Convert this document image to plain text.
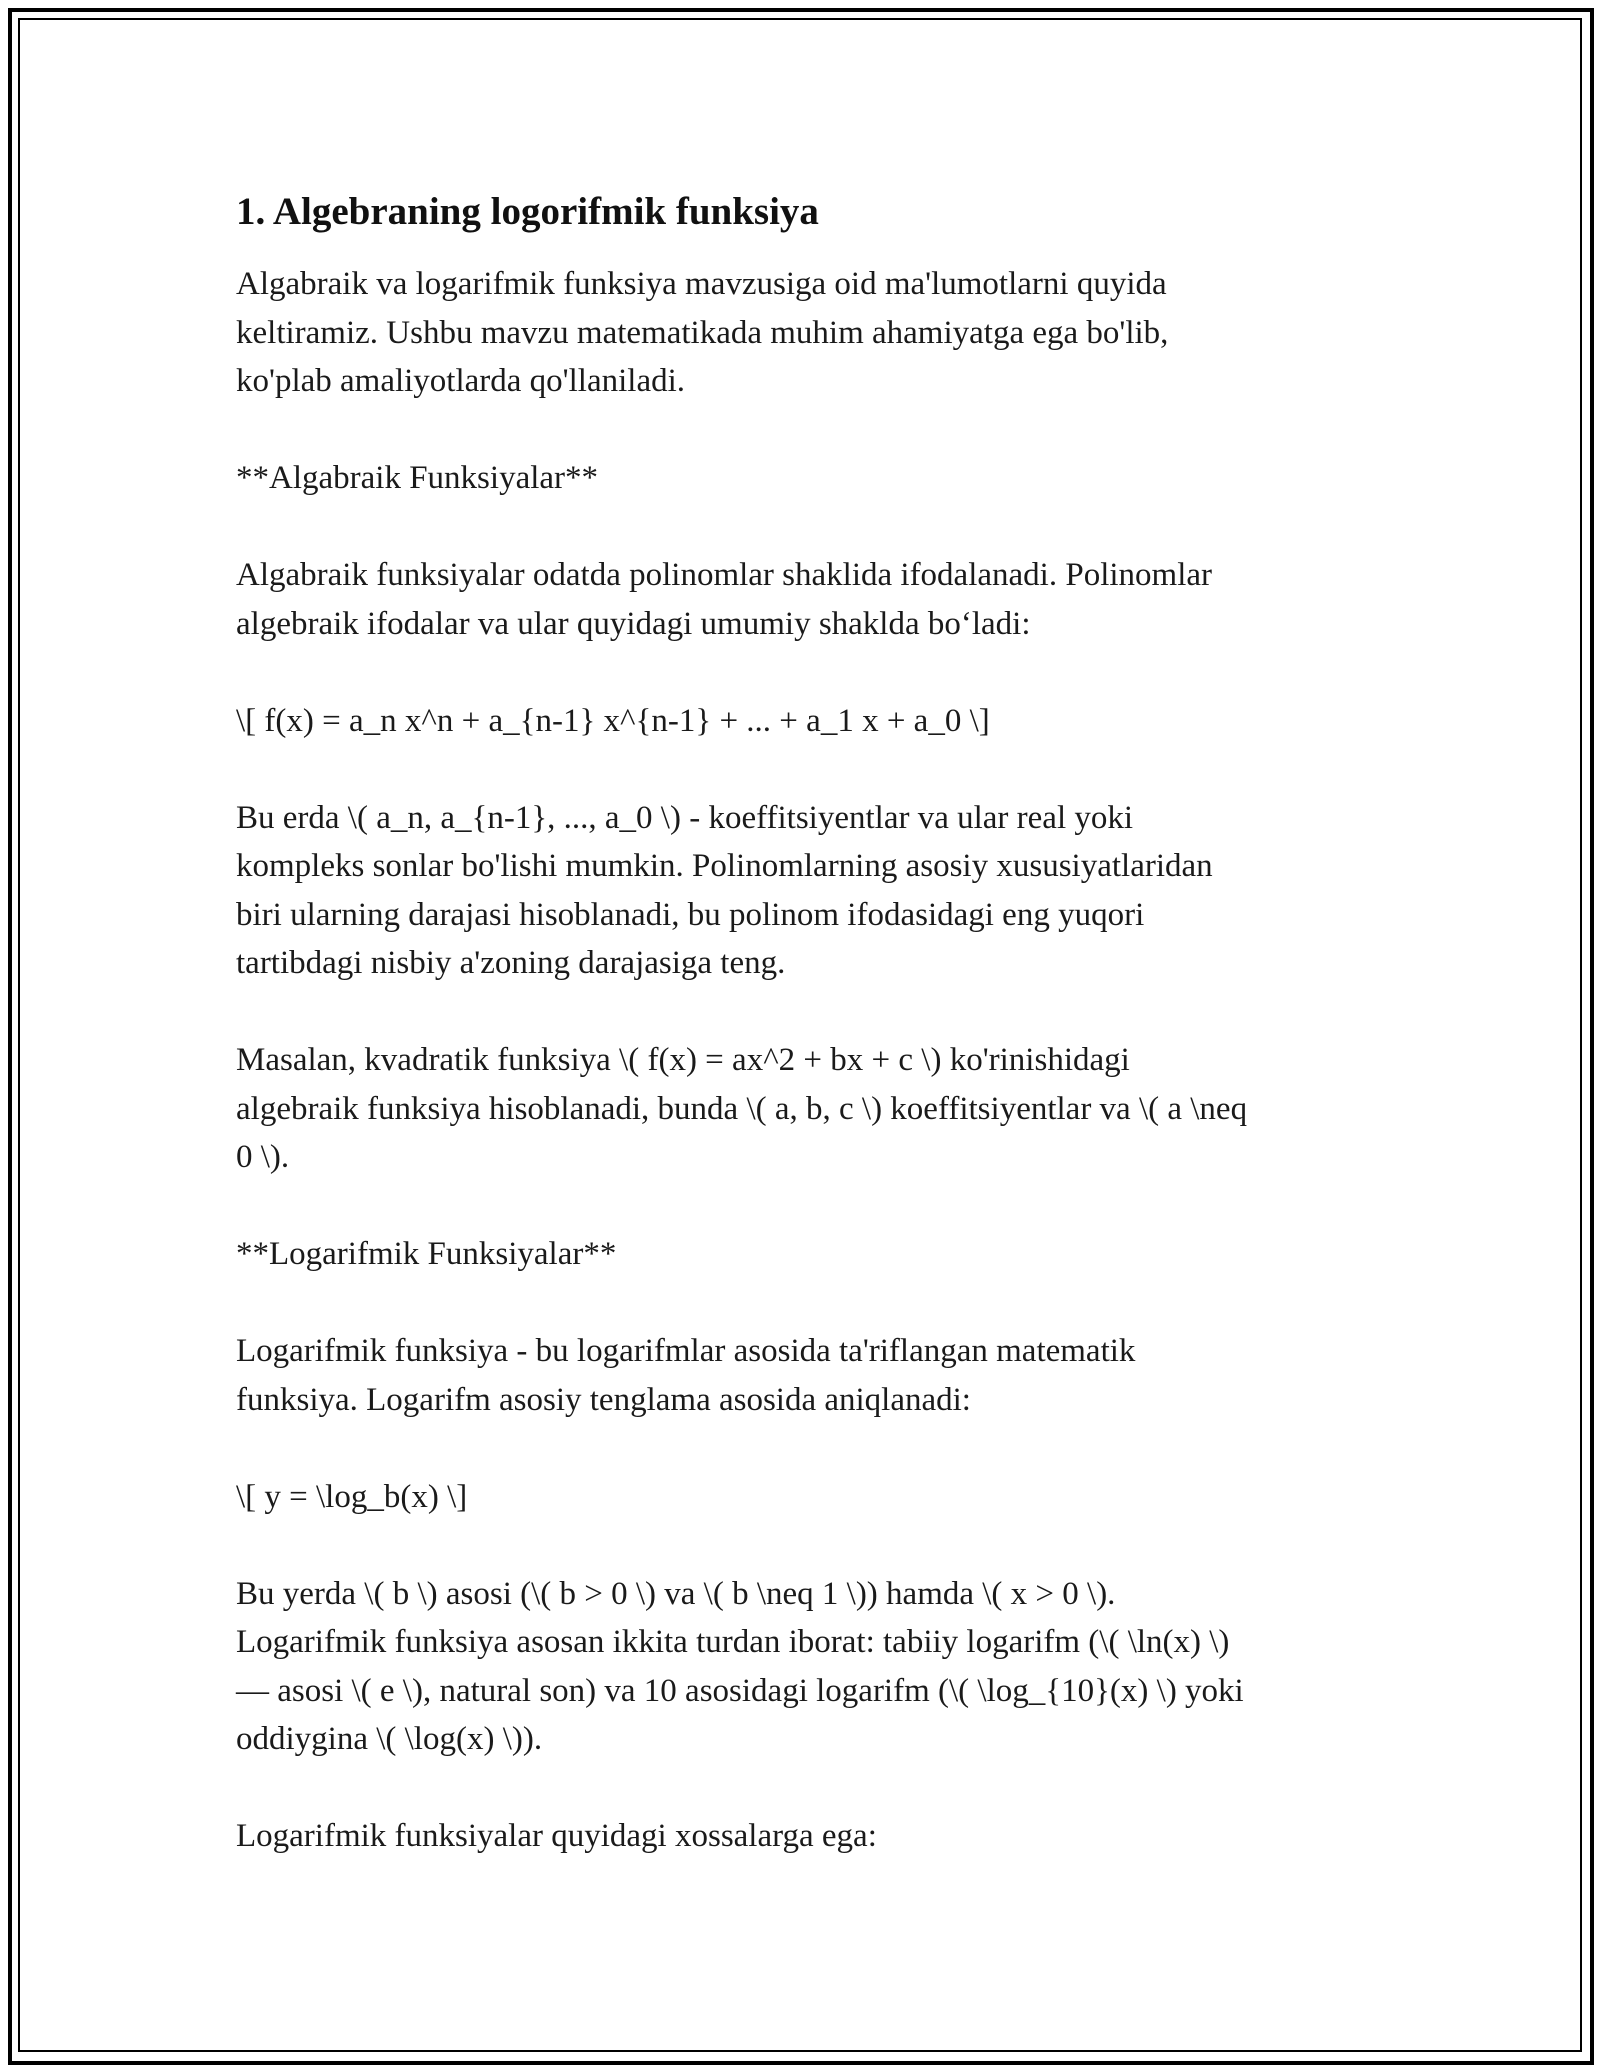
1. Algebraning logorifmik funksiya

Algabraik va logarifmik funksiya mavzusiga oid ma'lumotlarni quyida
keltiramiz. Ushbu mavzu matematikada muhim ahamiyatga ega bo'lib,
ko'plab amaliyotlarda qo'llaniladi.

**Algabraik Funksiyalar**

Algabraik funksiyalar odatda polinomlar shaklida ifodalanadi. Polinomlar
algebraik ifodalar va ular quyidagi umumiy shaklda bo‘ladi:

\[ f(x) = a_n x^n + a_{n-1} x^{n-1} + ... + a_1 x + a_0 \]

Bu erda \( a_n, a_{n-1}, ..., a_0 \) - koeffitsiyentlar va ular real yoki
kompleks sonlar bo'lishi mumkin. Polinomlarning asosiy xususiyatlaridan
biri ularning darajasi hisoblanadi, bu polinom ifodasidagi eng yuqori
tartibdagi nisbiy a'zoning darajasiga teng.

Masalan, kvadratik funksiya \( f(x) = ax^2 + bx + c \) ko'rinishidagi
algebraik funksiya hisoblanadi, bunda \( a, b, c \) koeffitsiyentlar va \( a \neq
0 \).

**Logarifmik Funksiyalar**

Logarifmik funksiya - bu logarifmlar asosida ta'riflangan matematik
funksiya. Logarifm asosiy tenglama asosida aniqlanadi:

\[ y = \log_b(x) \]

Bu yerda \( b \) asosi (\( b > 0 \) va \( b \neq 1 \)) hamda \( x > 0 \).
Logarifmik funksiya asosan ikkita turdan iborat: tabiiy logarifm (\( \ln(x) \)
— asosi \( e \), natural son) va 10 asosidagi logarifm (\( \log_{10}(x) \) yoki
oddiygina \( \log(x) \)).

Logarifmik funksiyalar quyidagi xossalarga ega:
